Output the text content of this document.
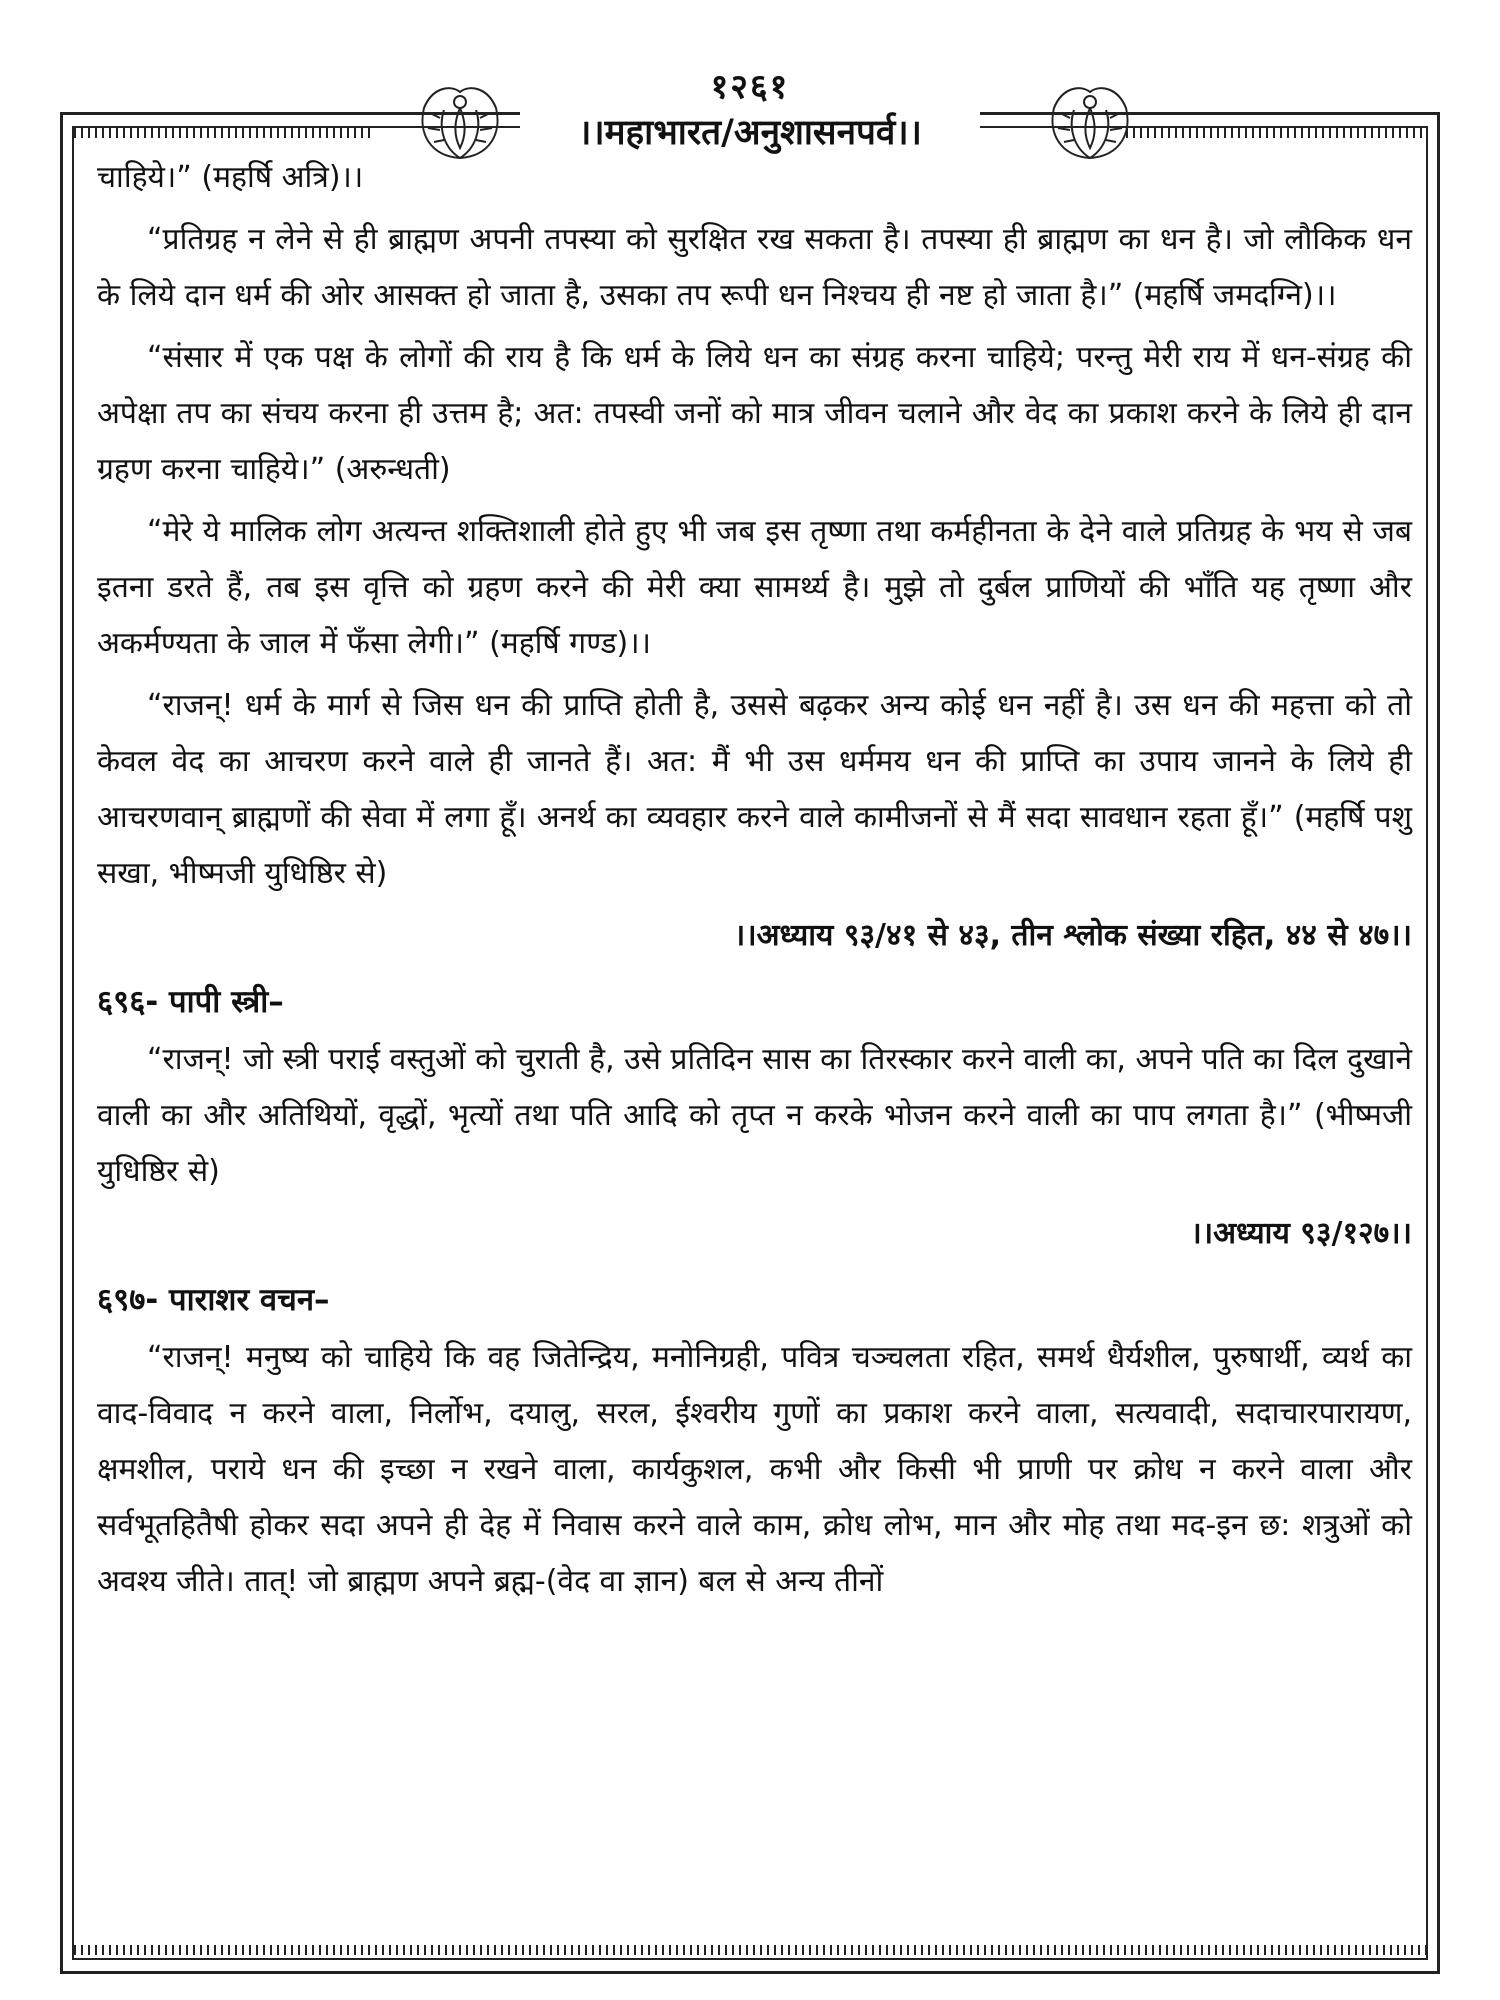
१२६१
।।महाभारत/अनुशासनपर्व।।

चाहिये।” (महर्षि अत्रि)।।

“प्रतिग्रह न लेने से ही ब्राह्मण अपनी तपस्या को सुरक्षित रख सकता है। तपस्या ही ब्राह्मण का धन है। जो लौकिक धन के लिये दान धर्म की ओर आसक्त हो जाता है, उसका तप रूपी धन निश्चय ही नष्ट हो जाता है।” (महर्षि जमदग्नि)।।

“संसार में एक पक्ष के लोगों की राय है कि धर्म के लिये धन का संग्रह करना चाहिये; परन्तु मेरी राय में धन-संग्रह की अपेक्षा तप का संचय करना ही उत्तम है; अत: तपस्वी जनों को मात्र जीवन चलाने और वेद का प्रकाश करने के लिये ही दान ग्रहण करना चाहिये।” (अरुन्धती)

“मेरे ये मालिक लोग अत्यन्त शक्तिशाली होते हुए भी जब इस तृष्णा तथा कर्महीनता के देने वाले प्रतिग्रह के भय से जब इतना डरते हैं, तब इस वृत्ति को ग्रहण करने की मेरी क्या सामर्थ्य है। मुझे तो दुर्बल प्राणियों की भाँति यह तृष्णा और अकर्मण्यता के जाल में फँसा लेगी।” (महर्षि गण्ड)।।

“राजन्! धर्म के मार्ग से जिस धन की प्राप्ति होती है, उससे बढ़कर अन्य कोई धन नहीं है। उस धन की महत्ता को तो केवल वेद का आचरण करने वाले ही जानते हैं। अत: मैं भी उस धर्ममय धन की प्राप्ति का उपाय जानने के लिये ही आचरणवान् ब्राह्मणों की सेवा में लगा हूँ। अनर्थ का व्यवहार करने वाले कामीजनों से मैं सदा सावधान रहता हूँ।” (महर्षि पशु सखा, भीष्मजी युधिष्ठिर से)

।।अध्याय ९३/४१ से ४३, तीन श्लोक संख्या रहित, ४४ से ४७।।

६९६- पापी स्त्री–

“राजन्! जो स्त्री पराई वस्तुओं को चुराती है, उसे प्रतिदिन सास का तिरस्कार करने वाली का, अपने पति का दिल दुखाने वाली का और अतिथियों, वृद्धों, भृत्यों तथा पति आदि को तृप्त न करके भोजन करने वाली का पाप लगता है।” (भीष्मजी युधिष्ठिर से)

।।अध्याय ९३/१२७।।

६९७- पाराशर वचन–

“राजन्! मनुष्य को चाहिये कि वह जितेन्द्रिय, मनोनिग्रही, पवित्र चञ्चलता रहित, समर्थ धैर्यशील, पुरुषार्थी, व्यर्थ का वाद-विवाद न करने वाला, निर्लोभ, दयालु, सरल, ईश्वरीय गुणों का प्रकाश करने वाला, सत्यवादी, सदाचारपारायण, क्षमशील, पराये धन की इच्छा न रखने वाला, कार्यकुशल, कभी और किसी भी प्राणी पर क्रोध न करने वाला और सर्वभूतहितैषी होकर सदा अपने ही देह में निवास करने वाले काम, क्रोध लोभ, मान और मोह तथा मद-इन छ: शत्रुओं को अवश्य जीते। तात्! जो ब्राह्मण अपने ब्रह्म-(वेद वा ज्ञान) बल से अन्य तीनों
